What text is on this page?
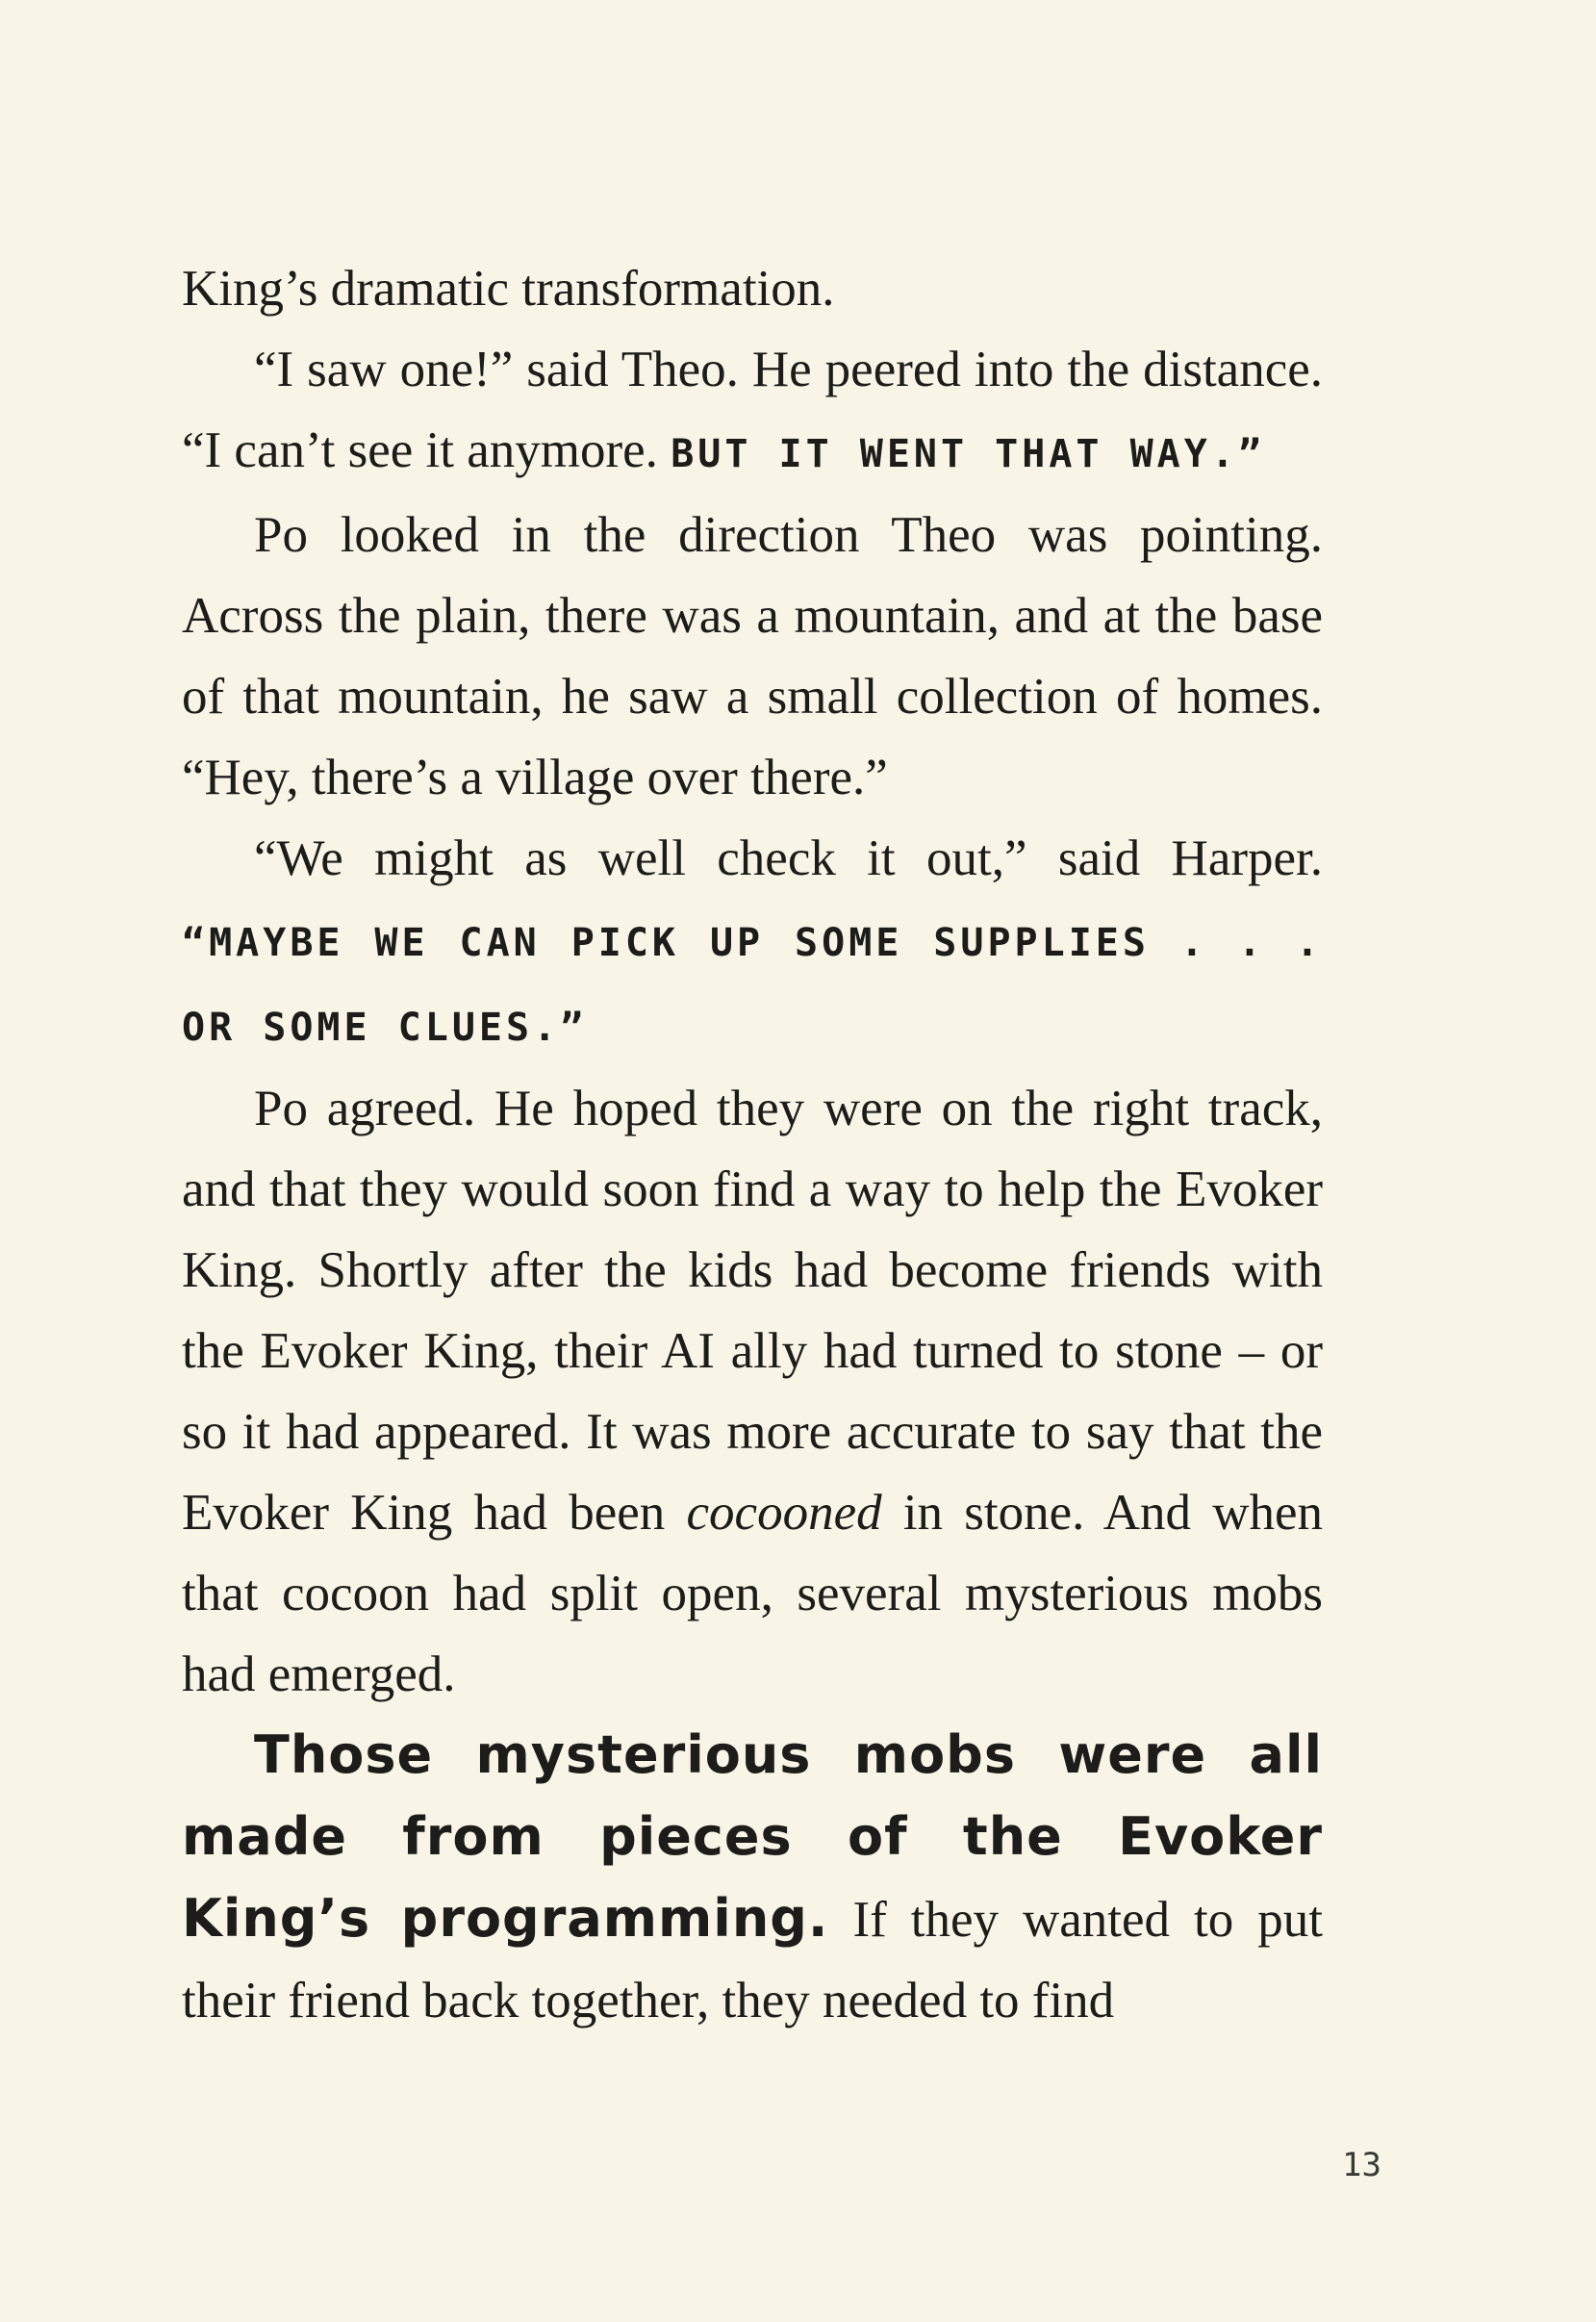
King’s dramatic transformation.

“I saw one!” said Theo. He peered into the distance. “I can’t see it anymore. BUT IT WENT THAT WAY.”

Po looked in the direction Theo was pointing. Across the plain, there was a mountain, and at the base of that mountain, he saw a small collection of homes. “Hey, there’s a village over there.”

“We might as well check it out,” said Harper. “MAYBE WE CAN PICK UP SOME SUPPLIES . . . OR SOME CLUES.”

Po agreed. He hoped they were on the right track, and that they would soon find a way to help the Evoker King. Shortly after the kids had become friends with the Evoker King, their AI ally had turned to stone – or so it had appeared. It was more accurate to say that the Evoker King had been cocooned in stone. And when that cocoon had split open, several mysterious mobs had emerged.

Those mysterious mobs were all made from pieces of the Evoker King’s programming. If they wanted to put their friend back together, they needed to find

13
